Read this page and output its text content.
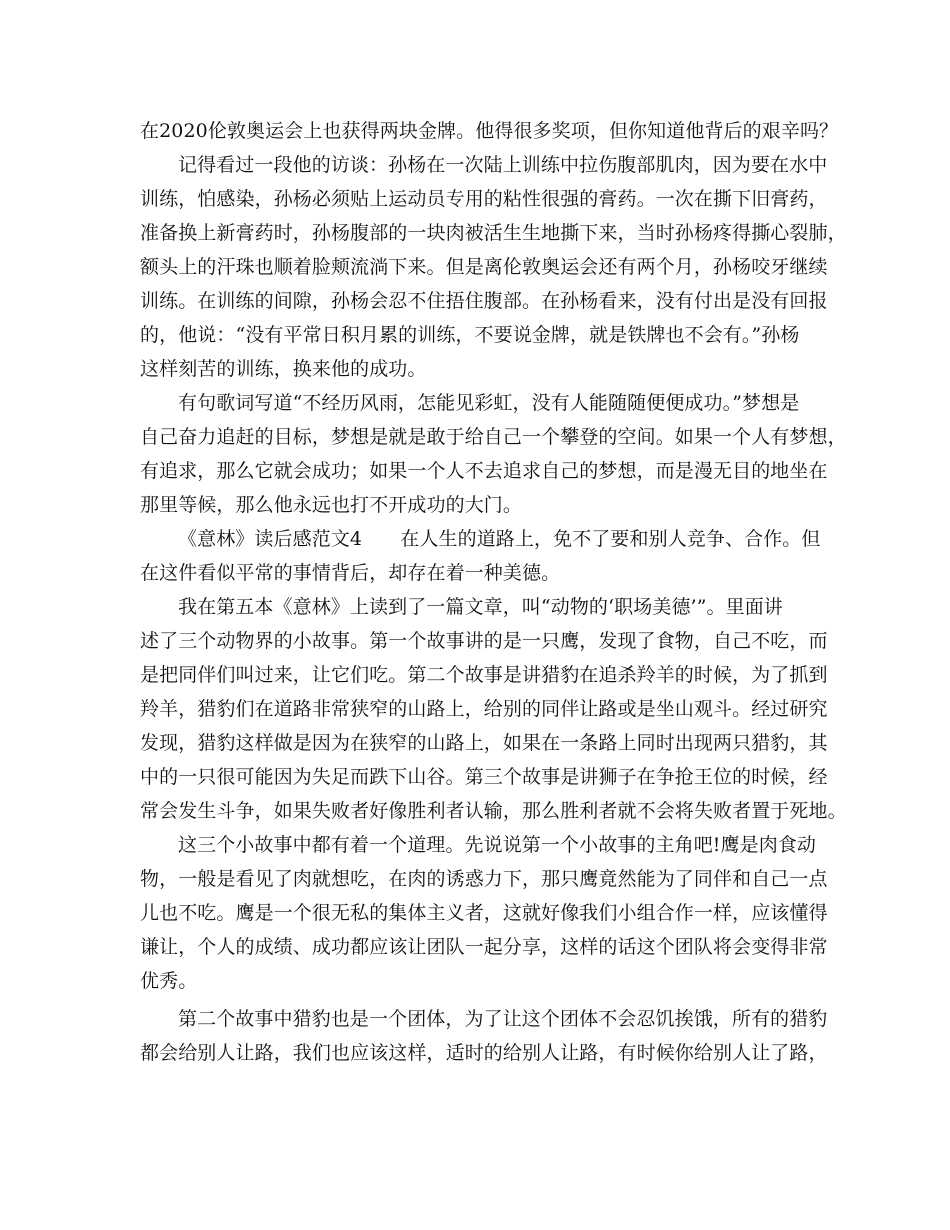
在2020伦敦奥运会上也获得两块金牌。他得很多奖项，但你知道他背后的艰辛吗？
记得看过一段他的访谈：孙杨在一次陆上训练中拉伤腹部肌肉，因为要在水中
训练，怕感染，孙杨必须贴上运动员专用的粘性很强的膏药。一次在撕下旧膏药，
准备换上新膏药时，孙杨腹部的一块肉被活生生地撕下来，当时孙杨疼得撕心裂肺，
额头上的汗珠也顺着脸颊流淌下来。但是离伦敦奥运会还有两个月，孙杨咬牙继续
训练。在训练的间隙，孙杨会忍不住捂住腹部。在孙杨看来，没有付出是没有回报
的，他说：“没有平常日积月累的训练，不要说金牌，就是铁牌也不会有。”孙杨
这样刻苦的训练，换来他的成功。
有句歌词写道“不经历风雨，怎能见彩虹，没有人能随随便便成功。”梦想是
自己奋力追赶的目标，梦想是就是敢于给自己一个攀登的空间。如果一个人有梦想，
有追求，那么它就会成功；如果一个人不去追求自己的梦想，而是漫无目的地坐在
那里等候，那么他永远也打不开成功的大门。
《意林》读后感范文4　　在人生的道路上，免不了要和别人竞争、合作。但
在这件看似平常的事情背后，却存在着一种美德。
我在第五本《意林》上读到了一篇文章，叫“动物的‘职场美德’”。里面讲
述了三个动物界的小故事。第一个故事讲的是一只鹰，发现了食物，自己不吃，而
是把同伴们叫过来，让它们吃。第二个故事是讲猎豹在追杀羚羊的时候，为了抓到
羚羊，猎豹们在道路非常狭窄的山路上，给别的同伴让路或是坐山观斗。经过研究
发现，猎豹这样做是因为在狭窄的山路上，如果在一条路上同时出现两只猎豹，其
中的一只很可能因为失足而跌下山谷。第三个故事是讲狮子在争抢王位的时候，经
常会发生斗争，如果失败者好像胜利者认输，那么胜利者就不会将失败者置于死地。
这三个小故事中都有着一个道理。先说说第一个小故事的主角吧!鹰是肉食动
物，一般是看见了肉就想吃，在肉的诱惑力下，那只鹰竟然能为了同伴和自己一点
儿也不吃。鹰是一个很无私的集体主义者，这就好像我们小组合作一样，应该懂得
谦让，个人的成绩、成功都应该让团队一起分享，这样的话这个团队将会变得非常
优秀。
第二个故事中猎豹也是一个团体，为了让这个团体不会忍饥挨饿，所有的猎豹
都会给别人让路，我们也应该这样，适时的给别人让路，有时候你给别人让了路，
